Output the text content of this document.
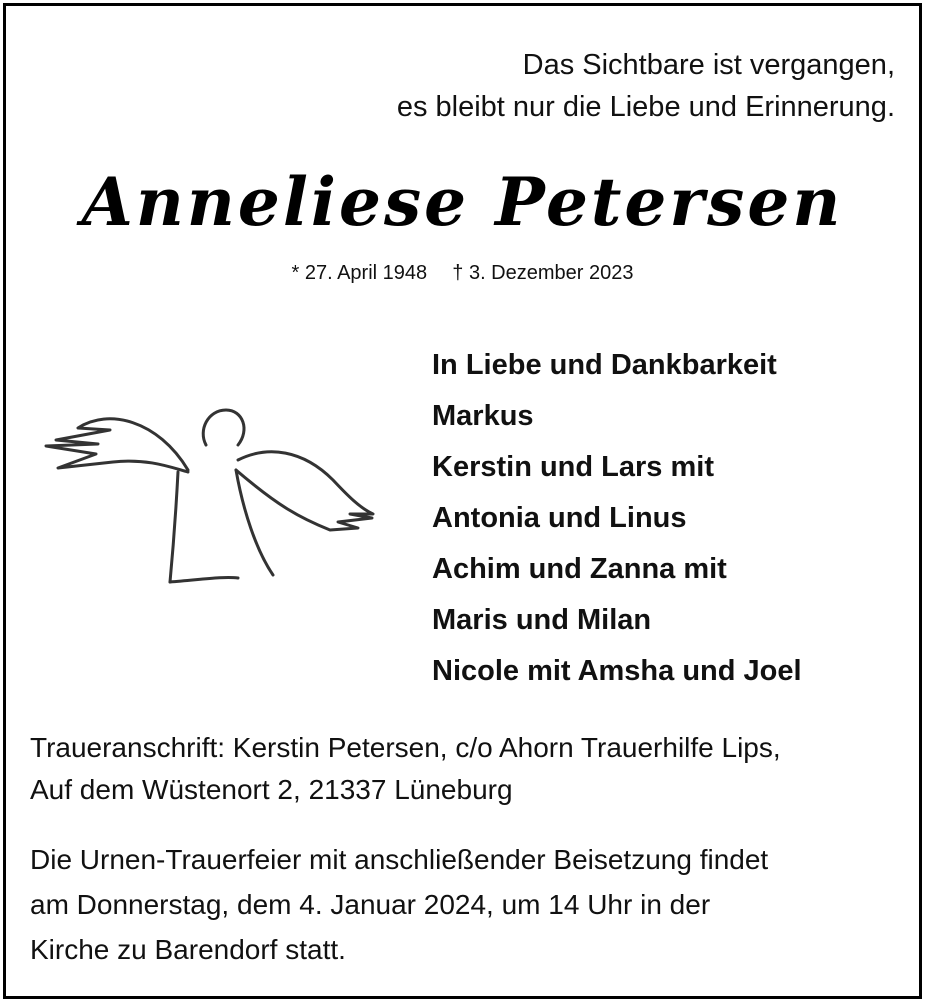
Das Sichtbare ist vergangen,
es bleibt nur die Liebe und Erinnerung.
Anneliese Petersen
* 27. April 1948 † 3. Dezember 2023
In Liebe und Dankbarkeit
Markus
Kerstin und Lars mit
Antonia und Linus
Achim und Zanna mit
Maris und Milan
Nicole mit Amsha und Joel
Traueranschrift: Kerstin Petersen, c/o Ahorn Trauerhilfe Lips,
Auf dem Wüstenort 2, 21337 Lüneburg
Die Urnen-Trauerfeier mit anschließender Beisetzung findet
am Donnerstag, dem 4. Januar 2024, um 14 Uhr in der
Kirche zu Barendorf statt.
